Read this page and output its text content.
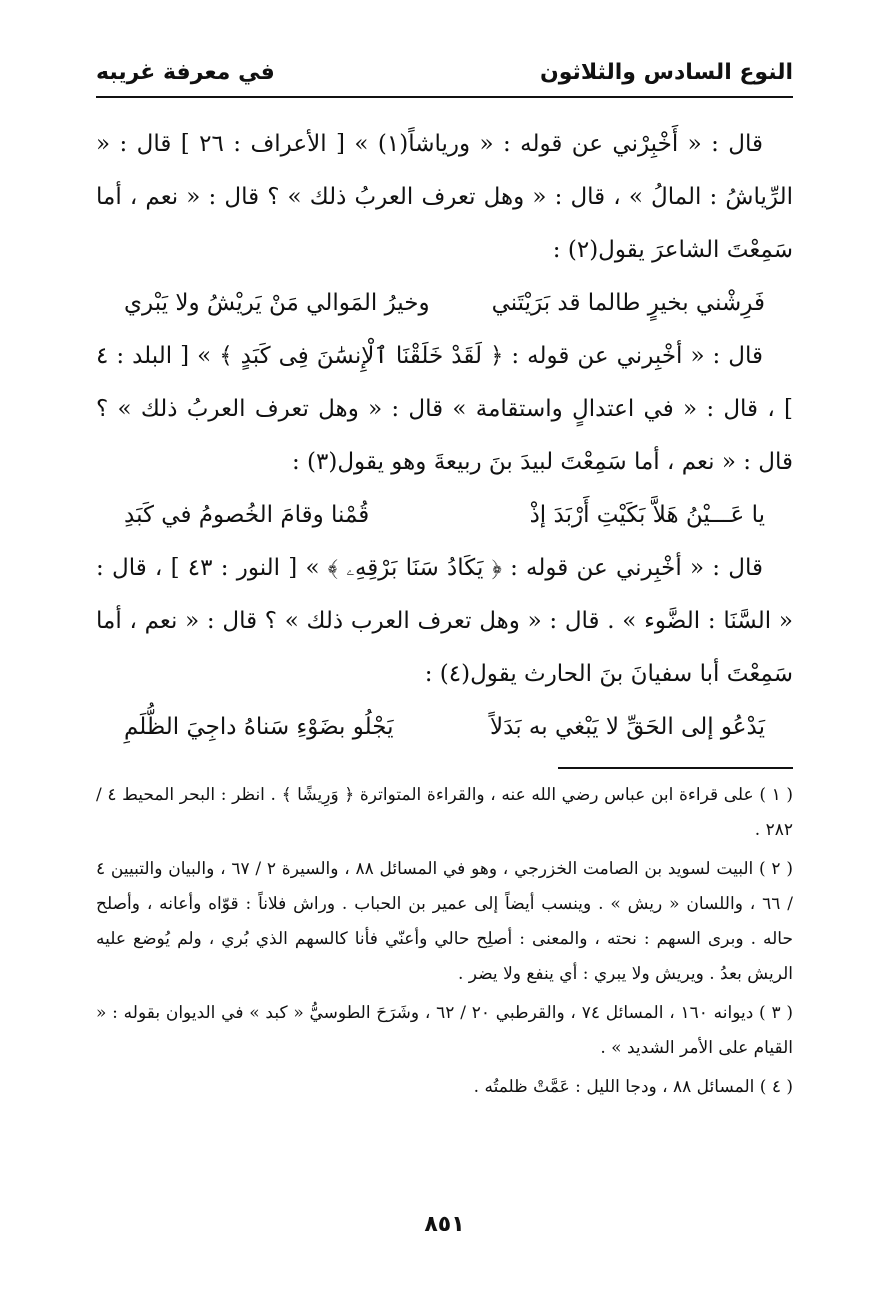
النوع السادس والثلاثون
في معرفة غريبه

قال : « أَخْبِرْني عن قوله : « ورياشاً(١) » [ الأعراف : ٢٦ ] قال : « الرِّياشُ : المالُ » ، قال : « وهل تعرف العربُ ذلك » ؟ قال : « نعم ، أما سَمِعْتَ الشاعرَ يقول(٢) :

فَرِشْني بخيرٍ طالما قد بَرَيْتَني
وخيرُ المَوالي مَنْ يَريْشُ ولا يَبْري

قال : « أخْبِرني عن قوله : ﴿ لَقَدْ خَلَقْنَا ٱلْإِنسَٰنَ فِى كَبَدٍ ﴾ » [ البلد : ٤ ] ، قال : « في اعتدالٍ واستقامة » قال : « وهل تعرف العربُ ذلك » ؟ قال : « نعم ، أما سَمِعْتَ لبيدَ بنَ ربيعةَ وهو يقول(٣) :

يا عَـــيْنُ هَلاَّ بَكَيْتِ أَرْبَدَ إذْ
قُمْنا وقامَ الخُصومُ في كَبَدِ

قال : « أخْبِرني عن قوله : ﴿ يَكَادُ سَنَا بَرْقِهِۦ ﴾ » [ النور : ٤٣ ] ، قال : « السَّنَا : الضَّوء » . قال : « وهل تعرف العرب ذلك » ؟ قال : « نعم ، أما سَمِعْتَ أبا سفيانَ بنَ الحارث يقول(٤) :

يَدْعُو إلى الحَقِّ لا يَبْغي به بَدَلاً
يَجْلُو بضَوْءِ سَناهُ داجِيَ الظُّلَمِ

( ١ ) على قراءة ابن عباس رضي الله عنه ، والقراءة المتواترة ﴿ وَرِيشًا ﴾ . انظر : البحر المحيط ٤ / ٢٨٢ .

( ٢ ) البيت لسويد بن الصامت الخزرجي ، وهو في المسائل ٨٨ ، والسيرة ٢ / ٦٧ ، والبيان والتبيين ٤ / ٦٦ ، واللسان « ريش » . وينسب أيضاً إلى عمير بن الحباب . وراش فلاناً : قوّاه وأعانه ، وأصلح حاله . وبرى السهم : نحته ، والمعنى : أصلِح حالي وأعنّي فأنا كالسهم الذي بُري ، ولم يُوضع عليه الريش بعدُ . ويريش ولا يبري : أي ينفع ولا يضر .

( ٣ ) ديوانه ١٦٠ ، المسائل ٧٤ ، والقرطبي ٢٠ / ٦٢ ، وشَرَحَ الطوسيُّ « كبد » في الديوان بقوله : « القيام على الأمر الشديد » .

( ٤ ) المسائل ٨٨ ، ودجا الليل : عَمَّتْ ظلمتُه .

٨٥١
